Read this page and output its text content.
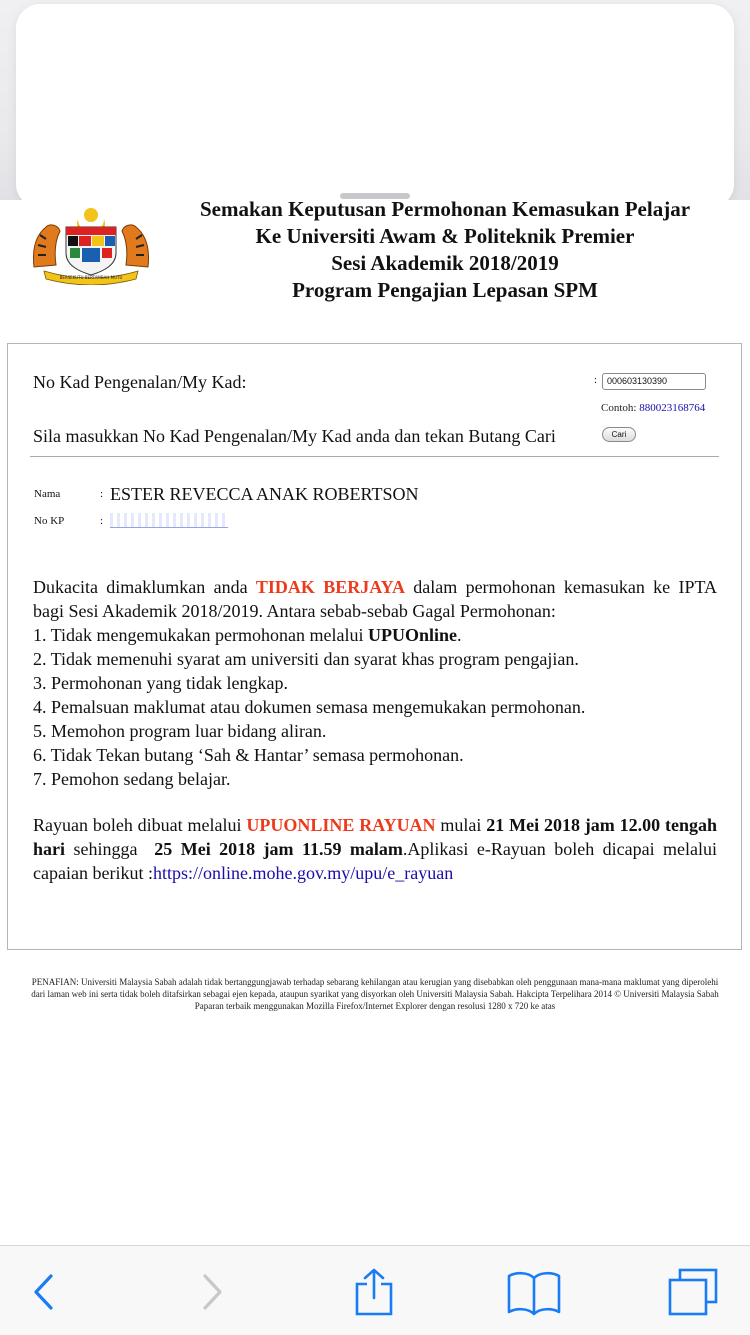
BERSEKUTU BERTAMBAH MUTU
Semakan Keputusan Permohonan Kemasukan Pelajar
Ke Universiti Awam & Politeknik Premier
Sesi Akademik 2018/2019
Program Pengajian Lepasan SPM
No Kad Pengenalan/My Kad:	:	000603130390
Contoh: 880023168764
Sila masukkan No Kad Pengenalan/My Kad anda dan tekan Butang Cari	Cari
Nama	: ESTER REVECCA ANAK ROBERTSON
No KP	:

Dukacita dimaklumkan anda TIDAK BERJAYA dalam permohonan kemasukan ke IPTA bagi Sesi Akademik 2018/2019. Antara sebab-sebab Gagal Permohonan:

1. Tidak mengemukakan permohonan melalui UPUOnline.
2. Tidak memenuhi syarat am universiti dan syarat khas program pengajian.
3. Permohonan yang tidak lengkap.
4. Pemalsuan maklumat atau dokumen semasa mengemukakan permohonan.
5. Memohon program luar bidang aliran.
6. Tidak Tekan butang ‘Sah & Hantar’ semasa permohonan.
7. Pemohon sedang belajar.

Rayuan boleh dibuat melalui UPUONLINE RAYUAN mulai 21 Mei 2018 jam 12.00 tengah hari sehingga 25 Mei 2018 jam 11.59 malam.Aplikasi e-Rayuan boleh dicapai melalui capaian berikut :https://online.mohe.gov.my/upu/e_rayuan

PENAFIAN: Universiti Malaysia Sabah adalah tidak bertanggungjawab terhadap sebarang kehilangan atau kerugian yang disebabkan oleh penggunaan mana-mana maklumat yang diperolehi dari laman web ini serta tidak boleh ditafsirkan sebagai ejen kepada, ataupun syarikat yang disyorkan oleh Universiti Malaysia Sabah. Hakcipta Terpelihara 2014 © Universiti Malaysia Sabah Paparan terbaik menggunakan Mozilla Firefox/Internet Explorer dengan resolusi 1280 x 720 ke atas
